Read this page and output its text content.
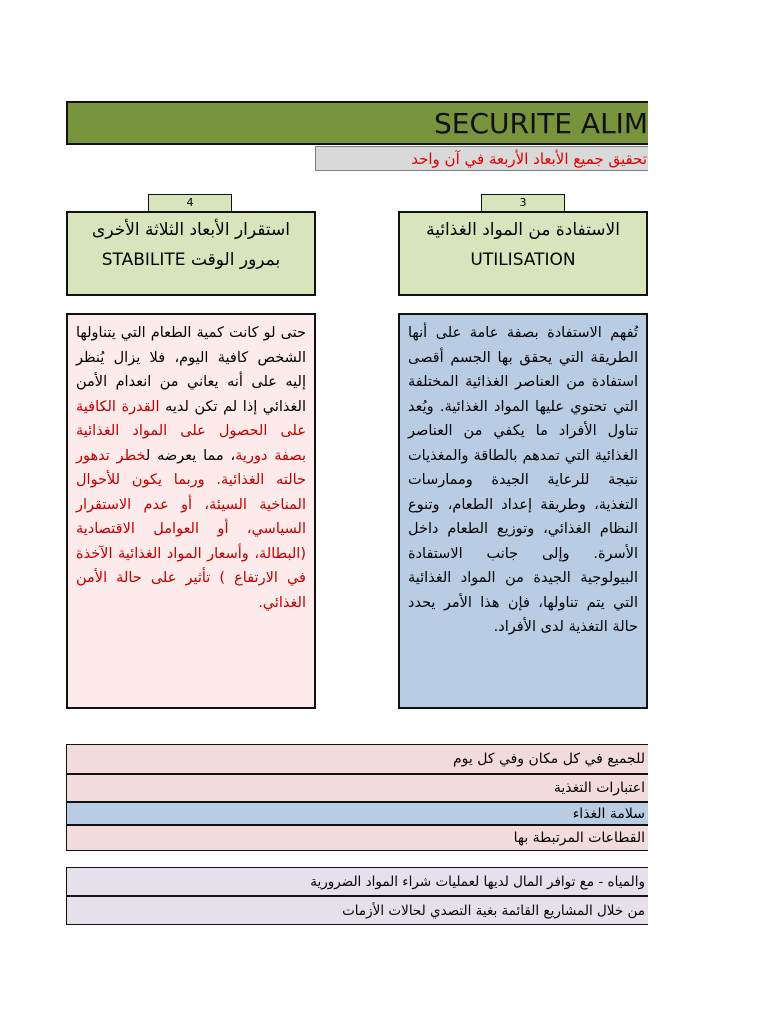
SECURITE ALIM
تحقيق جميع الأبعاد الأربعة في آن واحد
4
استقرار الأبعاد الثلاثة الأخرى
STABILITE بمرور الوقت
حتى لو كانت كمية الطعام التي يتناولها الشخص كافية اليوم، فلا يزال يُنظر إليه على أنه يعاني من انعدام الأمن الغذائي إذا لم تكن لديه القدرة الكافية على الحصول على المواد الغذائية بصفة دورية، مما يعرضه لخطر تدهور حالته الغذائية. وربما يكون للأحوال المناخية السيئة، أو عدم الاستقرار السياسي، أو العوامل الاقتصادية (البطالة، وأسعار المواد الغذائية الآخذة في الارتفاع ) تأثير على حالة الأمن الغذائي.
3
الاستفادة من المواد الغذائية
UTILISATION
تُفهم الاستفادة بصفة عامة على أنها الطريقة التي يحقق بها الجسم أقصى استفادة من العناصر الغذائية المختلفة التي تحتوي عليها المواد الغذائية. ويُعد تناول الأفراد ما يكفي من العناصر الغذائية التي تمدهم بالطاقة والمغذيات نتيجة للرعاية الجيدة وممارسات التغذية، وطريقة إعداد الطعام، وتنوع النظام الغذائي، وتوزيع الطعام داخل الأسرة. وإلى جانب الاستفادة البيولوجية الجيدة من المواد الغذائية التي يتم تناولها، فإن هذا الأمر يحدد حالة التغذية لدى الأفراد.
للجميع في كل مكان وفي كل يوم
اعتبارات التغذية
سلامة الغذاء
القطاعات المرتبطة بها
والمياه - مع توافر المال لديها لعمليات شراء المواد الضرورية
من خلال المشاريع القائمة بغية التصدي لحالات الأزمات
